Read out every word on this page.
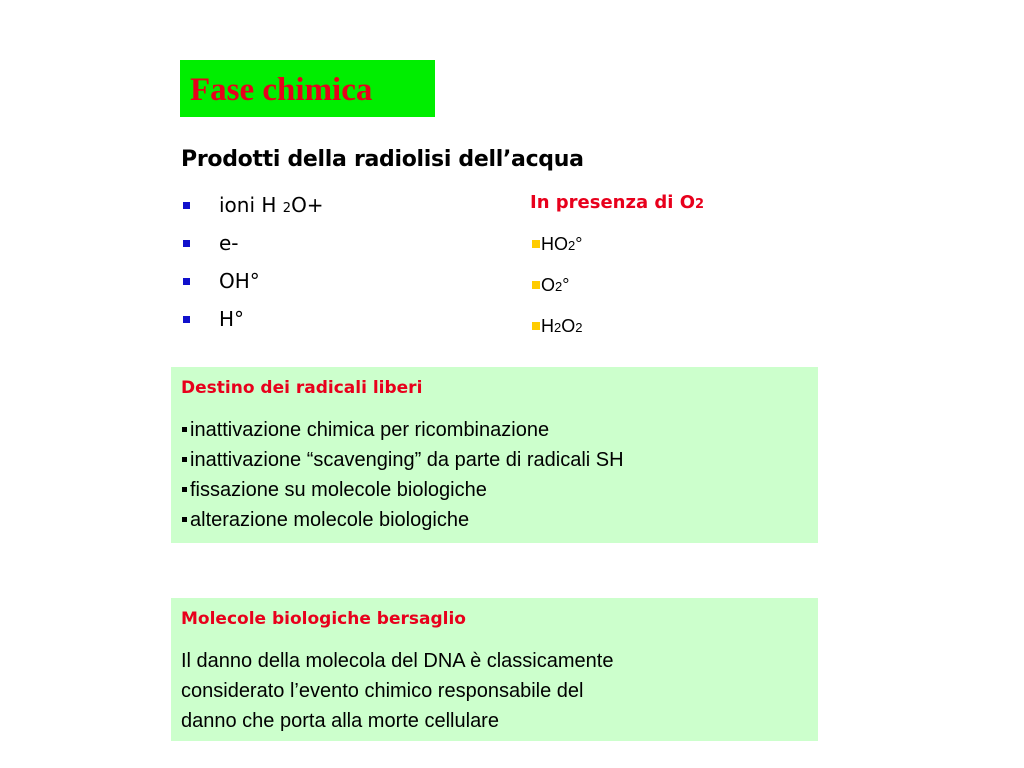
Fase chimica
Prodotti della radiolisi dell’acqua
ioni H 2O+
e-
OH°
H°
In presenza di O2
HO2°
O2°
H2O2
Destino dei radicali liberi
inattivazione chimica per ricombinazione
inattivazione “scavenging” da parte di radicali SH
fissazione su molecole biologiche
alterazione molecole biologiche
Molecole biologiche bersaglio
Il danno della molecola del DNA è classicamente
considerato l’evento chimico responsabile del
danno che porta alla morte cellulare
